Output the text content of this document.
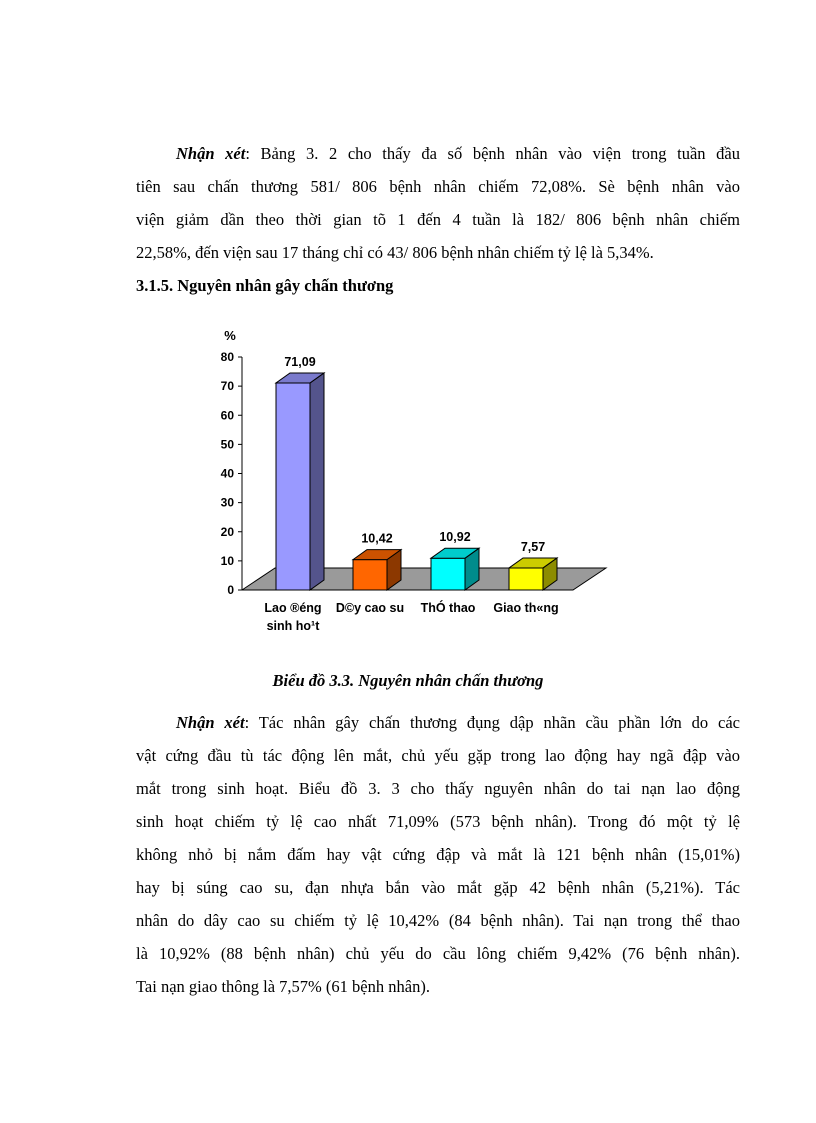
Nhận xét: Bảng 3. 2 cho thấy đa số bệnh nhân vào viện trong tuần đầu
tiên sau chấn thương 581/ 806 bệnh nhân chiếm 72,08%. Sè bệnh nhân vào
viện giảm dần theo thời gian tõ 1 đến 4 tuần là 182/ 806 bệnh nhân chiếm
22,58%, đến viện sau 17 tháng chỉ có 43/ 806 bệnh nhân chiếm tỷ lệ là 5,34%.
3.1.5. Nguyên nhân gây chấn thương
%
0
10
20
30
40
50
60
70
80	71,09
Lao ®éng
sinh ho¹t
10,42
D©y cao su
10,92
ThÓ thao
7,57
Giao th«ng

Biểu đồ 3.3. Nguyên nhân chấn thương

Nhận xét: Tác nhân gây chấn thương đụng dập nhãn cầu phần lớn do các
vật cứng đầu tù tác động lên mắt, chủ yếu gặp trong lao động hay ngã đập vào
mắt trong sinh hoạt. Biểu đồ 3. 3 cho thấy nguyên nhân do tai nạn lao động
sinh hoạt chiếm tỷ lệ cao nhất 71,09% (573 bệnh nhân). Trong đó một tỷ lệ
không nhỏ bị nắm đấm hay vật cứng đập và mắt là 121 bệnh nhân (15,01%)
hay bị súng cao su, đạn nhựa bắn vào mắt gặp 42 bệnh nhân (5,21%). Tác
nhân do dây cao su chiếm tỷ lệ 10,42% (84 bệnh nhân). Tai nạn trong thể thao
là 10,92% (88 bệnh nhân) chủ yếu do cầu lông chiếm 9,42% (76 bệnh nhân).
Tai nạn giao thông là 7,57% (61 bệnh nhân).
